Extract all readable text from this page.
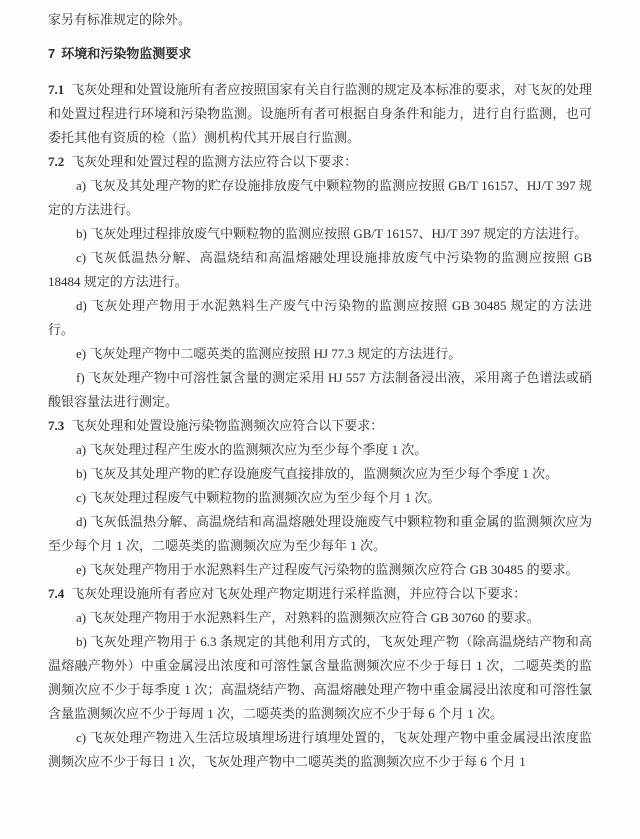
家另有标准规定的除外。

7 环境和污染物监测要求

7.1 飞灰处理和处置设施所有者应按照国家有关自行监测的规定及本标准的要求，对飞灰的处理和处置过程进行环境和污染物监测。设施所有者可根据自身条件和能力，进行自行监测，也可委托其他有资质的检（监）测机构代其开展自行监测。

7.2 飞灰处理和处置过程的监测方法应符合以下要求：

a) 飞灰及其处理产物的贮存设施排放废气中颗粒物的监测应按照 GB/T 16157、HJ/T 397 规定的方法进行。

b) 飞灰处理过程排放废气中颗粒物的监测应按照 GB/T 16157、HJ/T 397 规定的方法进行。

c) 飞灰低温热分解、高温烧结和高温熔融处理设施排放废气中污染物的监测应按照 GB 18484 规定的方法进行。

d) 飞灰处理产物用于水泥熟料生产废气中污染物的监测应按照 GB 30485 规定的方法进行。

e) 飞灰处理产物中二噁英类的监测应按照 HJ 77.3 规定的方法进行。

f) 飞灰处理产物中可溶性氯含量的测定采用 HJ 557 方法制备浸出液，采用离子色谱法或硝酸银容量法进行测定。

7.3 飞灰处理和处置设施污染物监测频次应符合以下要求：

a) 飞灰处理过程产生废水的监测频次应为至少每个季度 1 次。

b) 飞灰及其处理产物的贮存设施废气直接排放的，监测频次应为至少每个季度 1 次。

c) 飞灰处理过程废气中颗粒物的监测频次应为至少每个月 1 次。

d) 飞灰低温热分解、高温烧结和高温熔融处理设施废气中颗粒物和重金属的监测频次应为至少每个月 1 次，二噁英类的监测频次应为至少每年 1 次。

e) 飞灰处理产物用于水泥熟料生产过程废气污染物的监测频次应符合 GB 30485 的要求。

7.4 飞灰处理设施所有者应对飞灰处理产物定期进行采样监测，并应符合以下要求：

a) 飞灰处理产物用于水泥熟料生产，对熟料的监测频次应符合 GB 30760 的要求。

b) 飞灰处理产物用于 6.3 条规定的其他利用方式的，飞灰处理产物（除高温烧结产物和高温熔融产物外）中重金属浸出浓度和可溶性氯含量监测频次应不少于每日 1 次，二噁英类的监测频次应不少于每季度 1 次；高温烧结产物、高温熔融处理产物中重金属浸出浓度和可溶性氯含量监测频次应不少于每周 1 次，二噁英类的监测频次应不少于每 6 个月 1 次。

c) 飞灰处理产物进入生活垃圾填埋场进行填埋处置的，飞灰处理产物中重金属浸出浓度监测频次应不少于每日 1 次，飞灰处理产物中二噁英类的监测频次应不少于每 6 个月 1
